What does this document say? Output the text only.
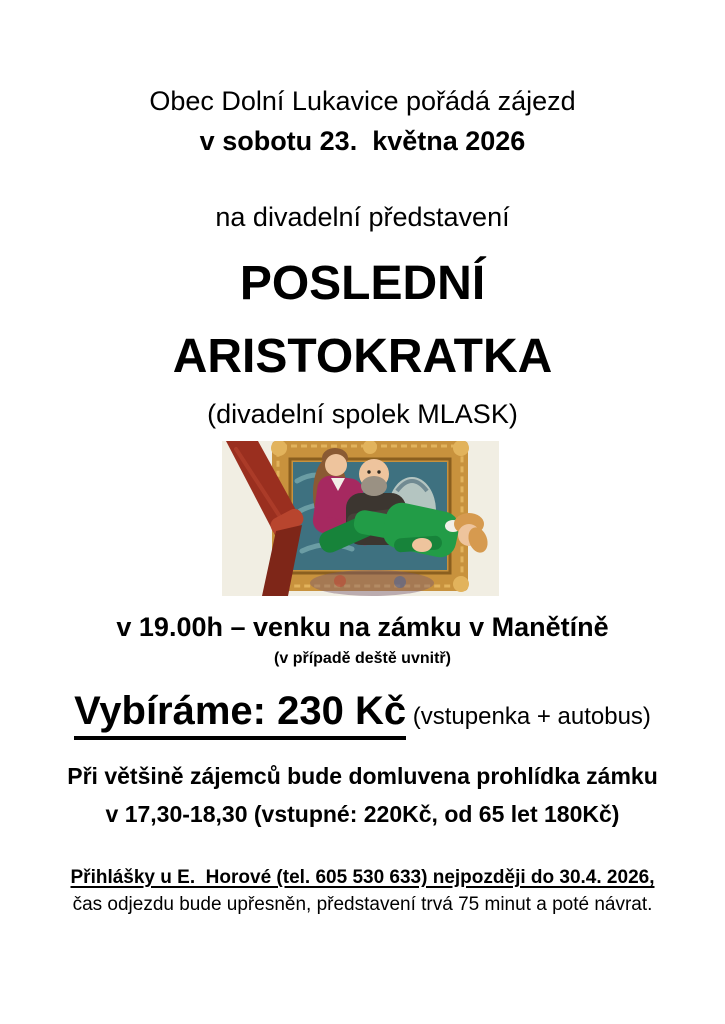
Obec Dolní Lukavice pořádá zájezd
v sobotu 23.  května 2026
na divadelní představení
POSLEDNÍ
ARISTOKRATKA
(divadelní spolek MLASK)
v 19.00h – venku na zámku v Manětíně
(v případě deště uvnitř)
Vybíráme: 230 Kč (vstupenka + autobus)
Při většině zájemců bude domluvena prohlídka zámku
v 17,30-18,30 (vstupné: 220Kč, od 65 let 180Kč)
Přihlášky u E.  Horové (tel. 605 530 633) nejpozději do 30.4. 2026,
čas odjezdu bude upřesněn, představení trvá 75 minut a poté návrat.
